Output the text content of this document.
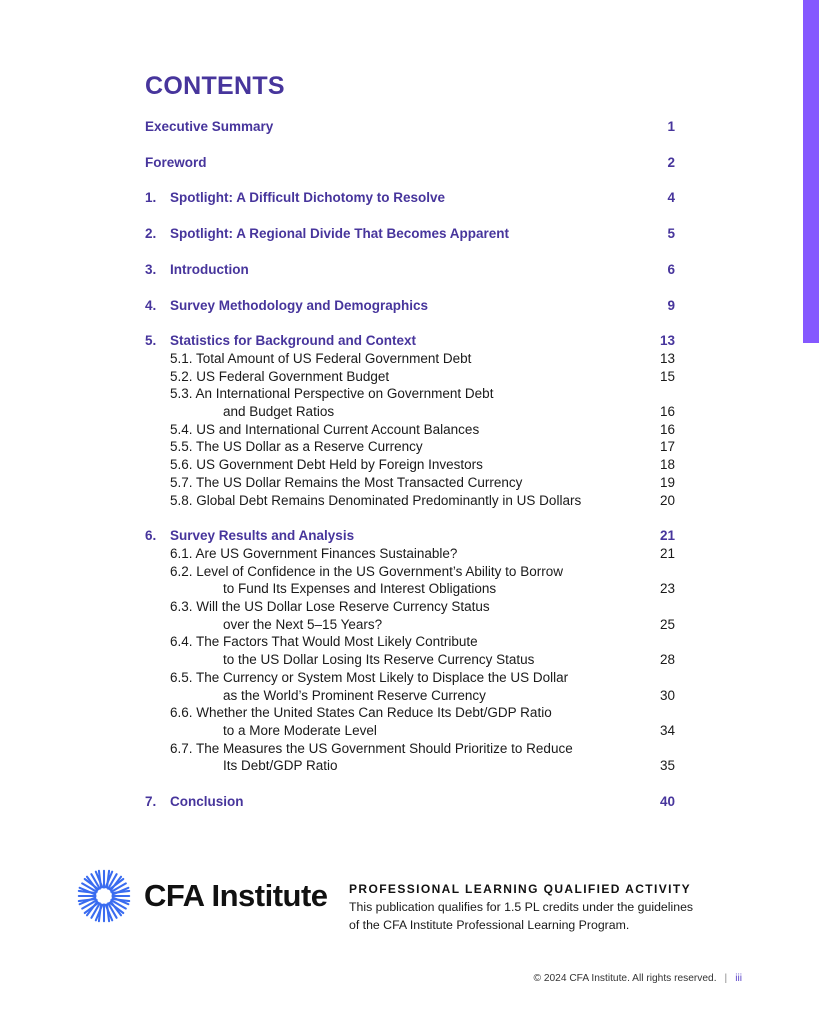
CONTENTS
Executive Summary	1
Foreword	2
1. Spotlight: A Difficult Dichotomy to Resolve	4
2. Spotlight: A Regional Divide That Becomes Apparent	5
3. Introduction	6
4. Survey Methodology and Demographics	9
5. Statistics for Background and Context	13
5.1. Total Amount of US Federal Government Debt	13
5.2. US Federal Government Budget	15
5.3. An International Perspective on Government Debt
and Budget Ratios	16
5.4. US and International Current Account Balances	16
5.5. The US Dollar as a Reserve Currency	17
5.6. US Government Debt Held by Foreign Investors	18
5.7. The US Dollar Remains the Most Transacted Currency	19
5.8. Global Debt Remains Denominated Predominantly in US Dollars	20
6. Survey Results and Analysis	21
6.1. Are US Government Finances Sustainable?	21
6.2. Level of Confidence in the US Government’s Ability to Borrow
to Fund Its Expenses and Interest Obligations	23
6.3. Will the US Dollar Lose Reserve Currency Status
over the Next 5–15 Years?	25
6.4. The Factors That Would Most Likely Contribute
to the US Dollar Losing Its Reserve Currency Status	28
6.5. The Currency or System Most Likely to Displace the US Dollar
as the World’s Prominent Reserve Currency	30
6.6. Whether the United States Can Reduce Its Debt/GDP Ratio
to a More Moderate Level	34
6.7. The Measures the US Government Should Prioritize to Reduce
Its Debt/GDP Ratio	35
7. Conclusion	40
CFA Institute PROFESSIONAL LEARNING QUALIFIED ACTIVITY
This publication qualifies for 1.5 PL credits under the guidelines
of the CFA Institute Professional Learning Program.
© 2024 CFA Institute. All rights reserved. | iii
